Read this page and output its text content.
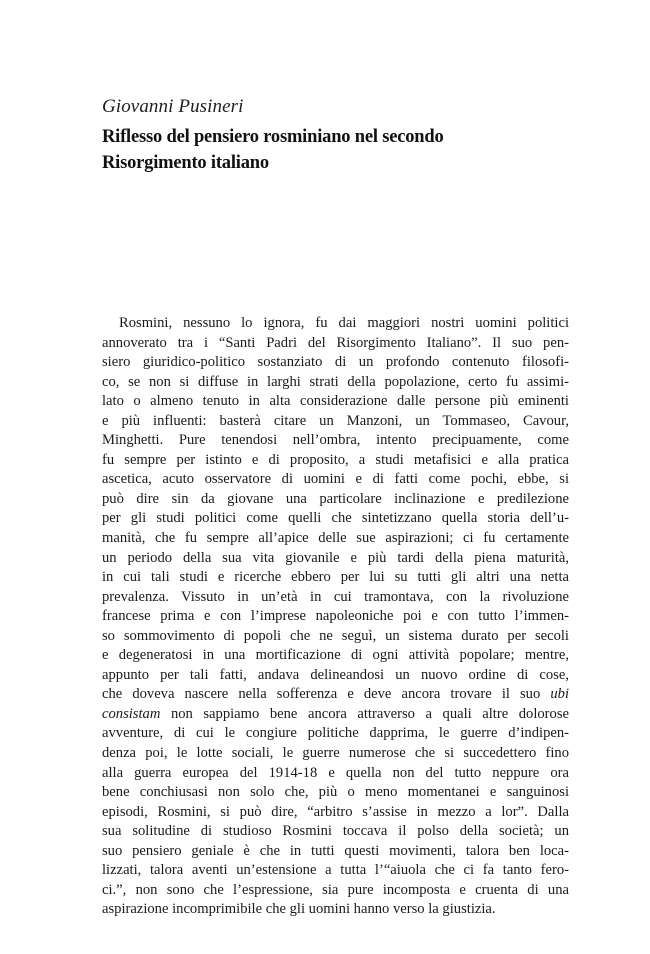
Giovanni Pusineri
Riflesso del pensiero rosminiano nel secondo Risorgimento italiano
Rosmini, nessuno lo ignora, fu dai maggiori nostri uomini politici
annoverato tra i “Santi Padri del Risorgimento Italiano”. Il suo pen-
siero giuridico-politico sostanziato di un profondo contenuto filosofi-
co, se non si diffuse in larghi strati della popolazione, certo fu assimi-
lato o almeno tenuto in alta considerazione dalle persone più eminenti
e più influenti: basterà citare un Manzoni, un Tommaseo, Cavour,
Minghetti. Pure tenendosi nell’ombra, intento precipuamente, come
fu sempre per istinto e di proposito, a studi metafisici e alla pratica
ascetica, acuto osservatore di uomini e di fatti come pochi, ebbe, si
può dire sin da giovane una particolare inclinazione e predilezione
per gli studi politici come quelli che sintetizzano quella storia dell’u-
manità, che fu sempre all’apice delle sue aspirazioni; ci fu certamente
un periodo della sua vita giovanile e più tardi della piena maturità,
in cui tali studi e ricerche ebbero per lui su tutti gli altri una netta
prevalenza. Vissuto in un’età in cui tramontava, con la rivoluzione
francese prima e con l’imprese napoleoniche poi e con tutto l’immen-
so sommovimento di popoli che ne seguì, un sistema durato per secoli
e degeneratosi in una mortificazione di ogni attività popolare; mentre,
appunto per tali fatti, andava delineandosi un nuovo ordine di cose,
che doveva nascere nella sofferenza e deve ancora trovare il suo ubi
consistam non sappiamo bene ancora attraverso a quali altre dolorose
avventure, di cui le congiure politiche dapprima, le guerre d’indipen-
denza poi, le lotte sociali, le guerre numerose che si succedettero fino
alla guerra europea del 1914-18 e quella non del tutto neppure ora
bene conchiusasi non solo che, più o meno momentanei e sanguinosi
episodi, Rosmini, si può dire, “arbitro s’assise in mezzo a lor”. Dalla
sua solitudine di studioso Rosmini toccava il polso della società; un
suo pensiero geniale è che in tutti questi movimenti, talora ben loca-
lizzati, talora aventi un’estensione a tutta l’“aiuola che ci fa tanto fero-
ci.”, non sono che l’espressione, sia pure incomposta e cruenta di una
aspirazione incomprimibile che gli uomini hanno verso la giustizia.
